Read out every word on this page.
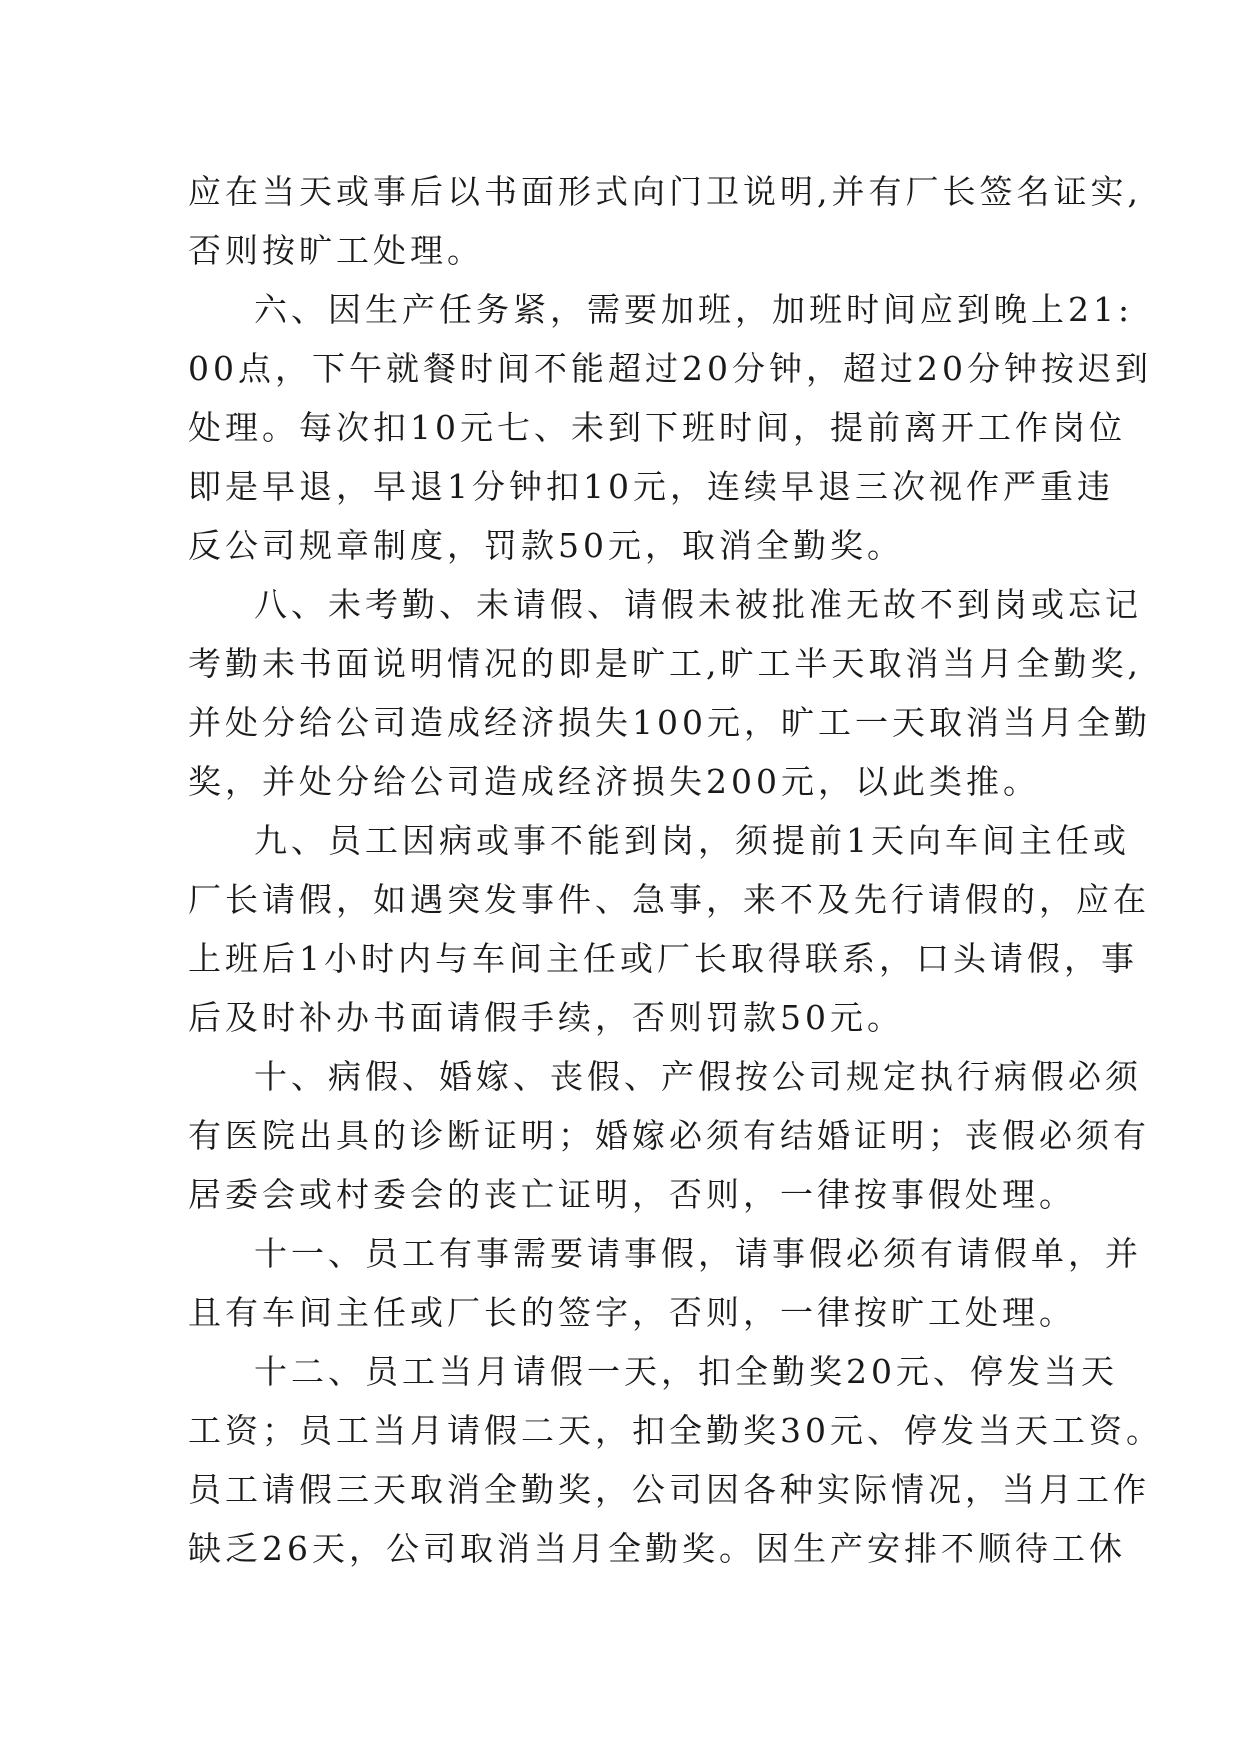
应在当天或事后以书面形式向门卫说明,并有厂长签名证实,
否则按旷工处理。
六、因生产任务紧，需要加班，加班时间应到晚上21:
00点，下午就餐时间不能超过20分钟，超过20分钟按迟到
处理。每次扣10元七、未到下班时间，提前离开工作岗位
即是早退，早退1分钟扣10元，连续早退三次视作严重违
反公司规章制度，罚款50元，取消全勤奖。
八、未考勤、未请假、请假未被批准无故不到岗或忘记
考勤未书面说明情况的即是旷工,旷工半天取消当月全勤奖,
并处分给公司造成经济损失100元，旷工一天取消当月全勤
奖，并处分给公司造成经济损失200元，以此类推。
九、员工因病或事不能到岗，须提前1天向车间主任或
厂长请假，如遇突发事件、急事，来不及先行请假的，应在
上班后1小时内与车间主任或厂长取得联系，口头请假，事
后及时补办书面请假手续，否则罚款50元。
十、病假、婚嫁、丧假、产假按公司规定执行病假必须
有医院出具的诊断证明；婚嫁必须有结婚证明；丧假必须有
居委会或村委会的丧亡证明，否则，一律按事假处理。
十一、员工有事需要请事假，请事假必须有请假单，并
且有车间主任或厂长的签字，否则，一律按旷工处理。
十二、员工当月请假一天，扣全勤奖20元、停发当天
工资；员工当月请假二天，扣全勤奖30元、停发当天工资。
员工请假三天取消全勤奖，公司因各种实际情况，当月工作
缺乏26天，公司取消当月全勤奖。因生产安排不顺待工休
